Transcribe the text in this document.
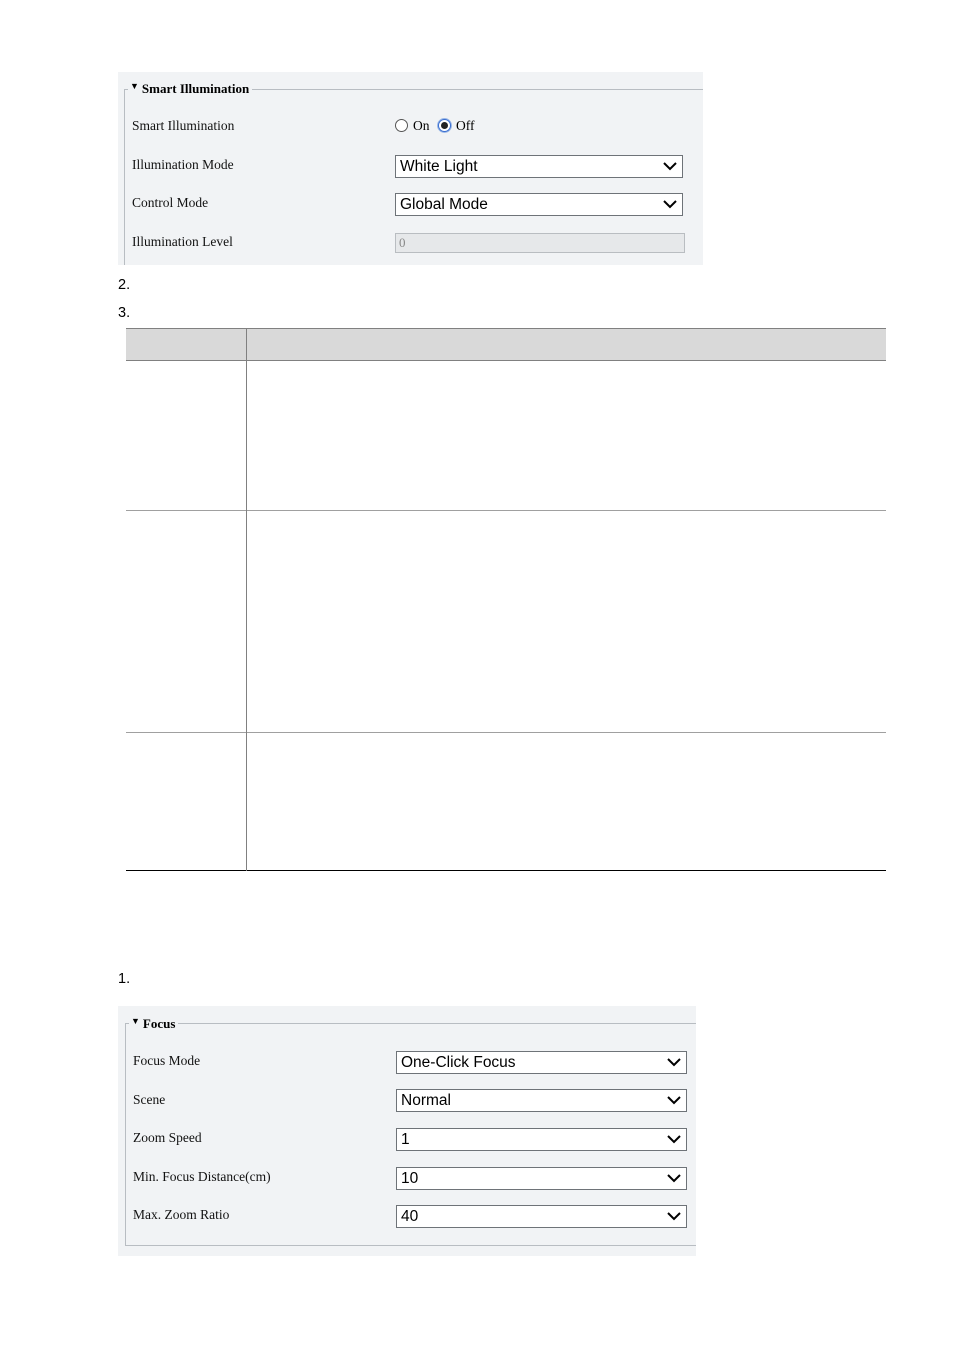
▼ Smart Illumination
Smart Illumination	On Off
Illumination Mode	White Light
Control Mode	Global Mode
Illumination Level	0
2.
3.
1.
▼ Focus
Focus Mode	One-Click Focus
Scene	Normal
Zoom Speed	1
Min. Focus Distance(cm)	10
Max. Zoom Ratio	40
